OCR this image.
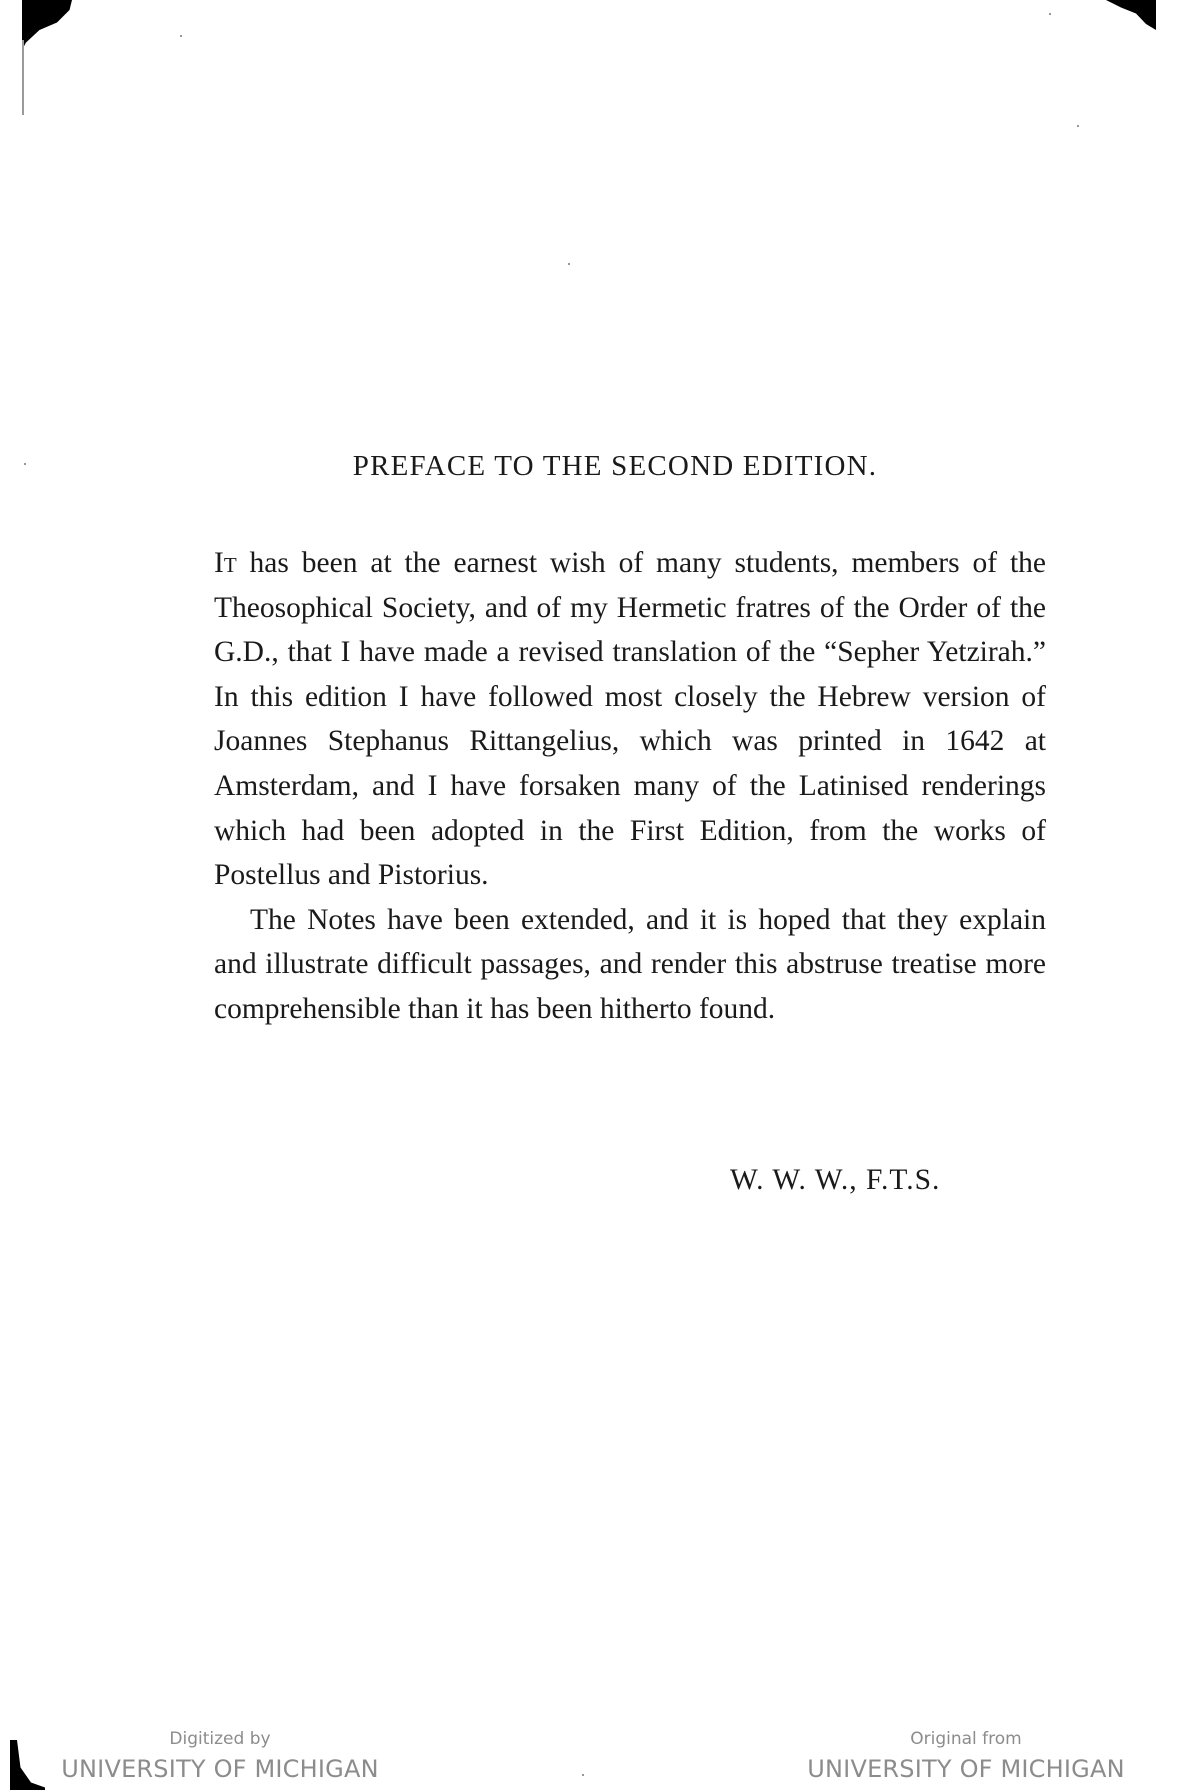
PREFACE TO THE SECOND EDITION.

It has been at the earnest wish of many students, members of the Theosophical Society, and of my Hermetic fratres of the Order of the G.D., that I have made a revised translation of the “Sepher Yetzirah.” In this edition I have followed most closely the Hebrew version of Joannes Stephanus Rittangelius, which was printed in 1642 at Amsterdam, and I have forsaken many of the Latinised renderings which had been adopted in the First Edition, from the works of Postellus and Pistorius.

The Notes have been extended, and it is hoped that they explain and illustrate difficult passages, and render this abstruse treatise more comprehensible than it has been hitherto found.

W. W. W., F.T.S.
Digitized by
UNIVERSITY OF MICHIGAN
Original from
UNIVERSITY OF MICHIGAN
